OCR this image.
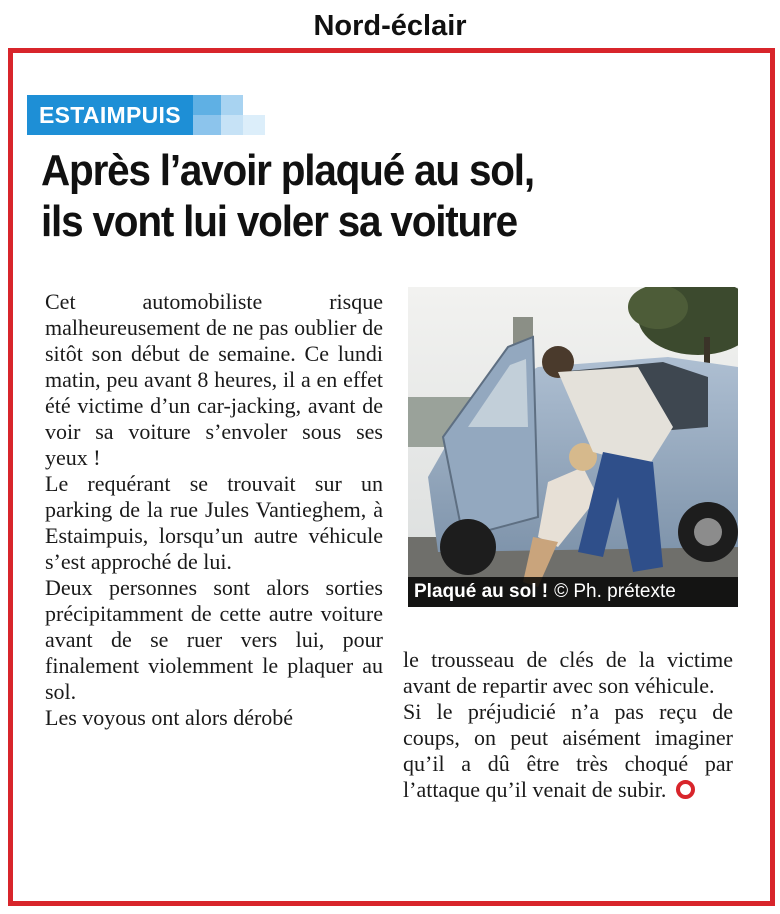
Nord-éclair
ESTAIMPUIS
Après l’avoir plaqué au sol,
ils vont lui voler sa voiture

Cet automobiliste risque malheureusement de ne pas oublier de sitôt son début de semaine. Ce lundi matin, peu avant 8 heures, il a en effet été victime d’un car-jacking, avant de voir sa voiture s’envoler sous ses yeux !

Le requérant se trouvait sur un parking de la rue Jules Vantieghem, à Estaimpuis, lorsqu’un autre véhicule s’est approché de lui.

Deux personnes sont alors sorties précipitamment de cette autre voiture avant de se ruer vers lui, pour finalement violemment le plaquer au sol.

Les voyous ont alors dérobé

Plaqué au sol ! © Ph. prétexte

le trousseau de clés de la victime avant de repartir avec son véhicule.

Si le préjudicié n’a pas reçu de coups, on peut aisément imaginer qu’il a dû être très choqué par l’attaque qu’il venait de subir.
